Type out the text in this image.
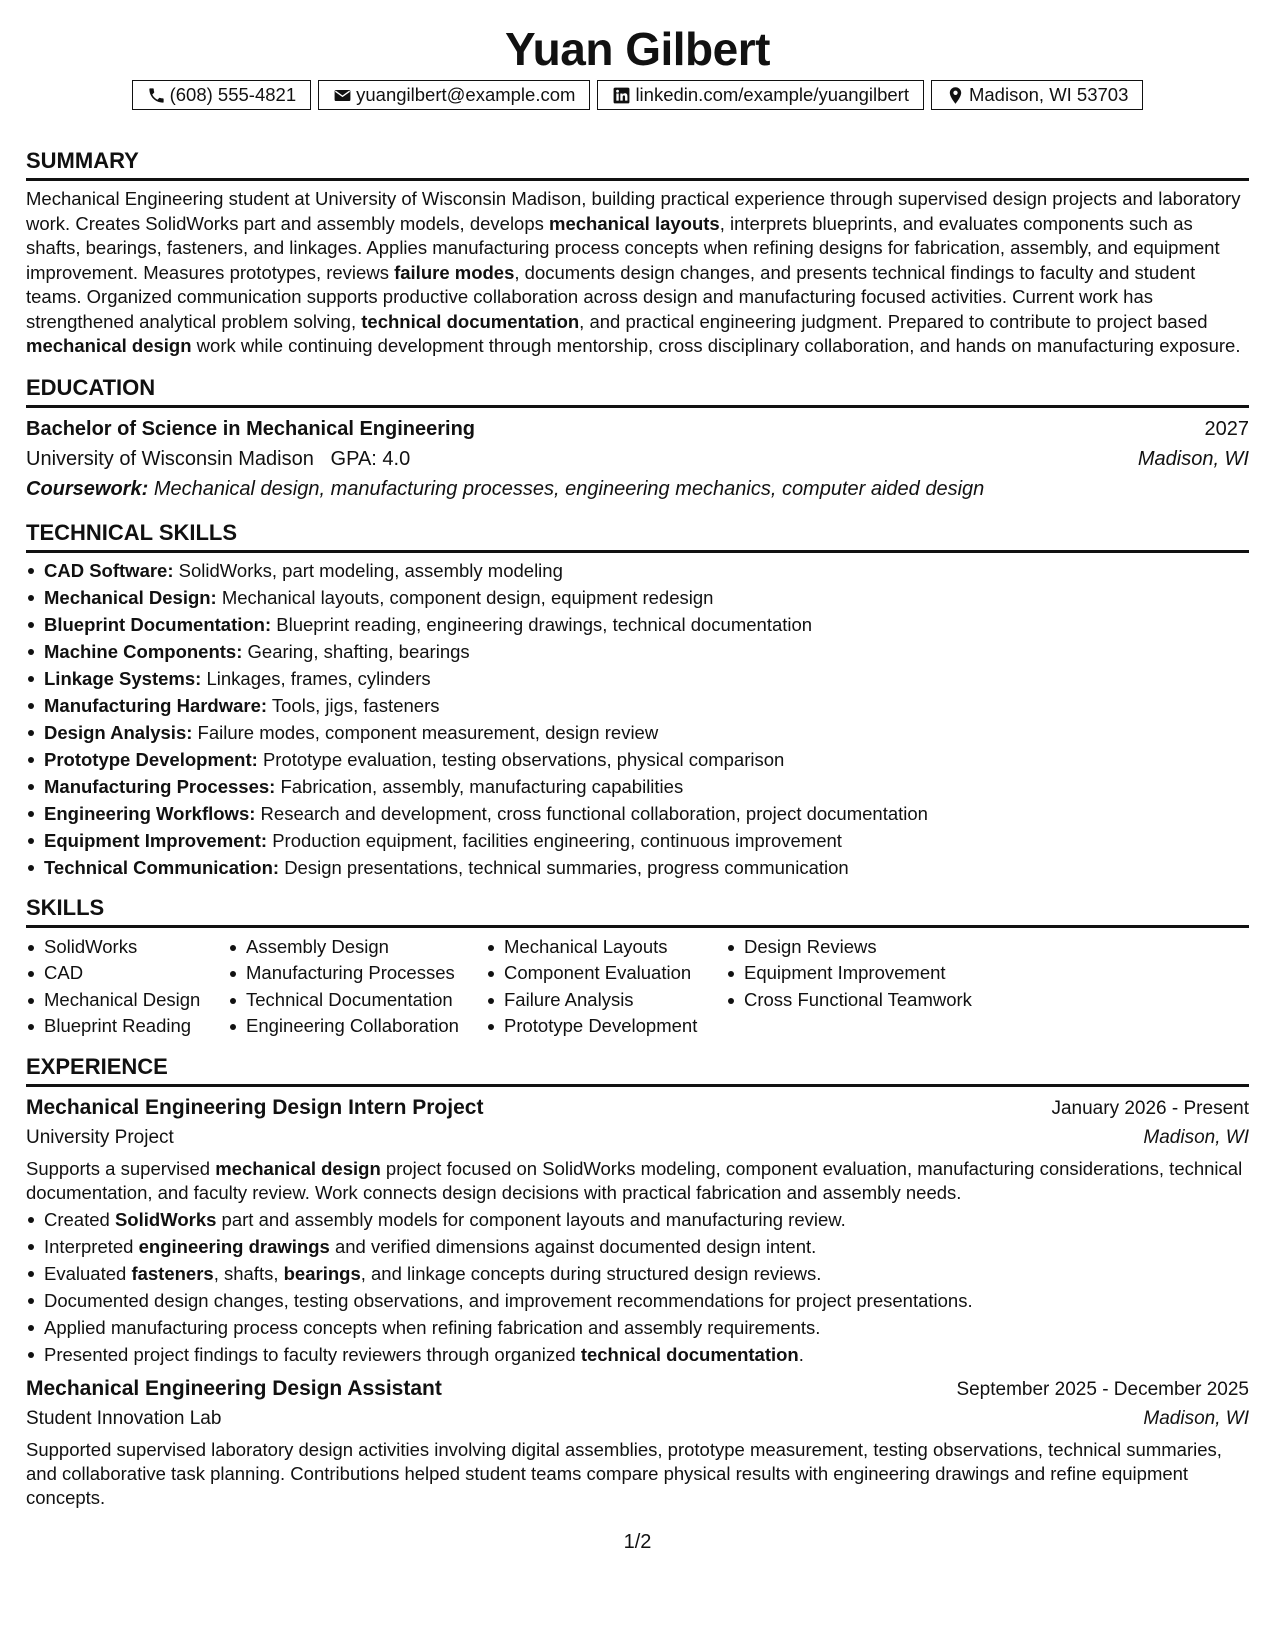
Yuan Gilbert
(608) 555-4821	yuangilbert@example.com	linkedin.com/example/yuangilbert	Madison, WI 53703
SUMMARY

Mechanical Engineering student at University of Wisconsin Madison, building practical experience through supervised design projects and laboratory work. Creates SolidWorks part and assembly models, develops mechanical layouts, interprets blueprints, and evaluates components such as shafts, bearings, fasteners, and linkages. Applies manufacturing process concepts when refining designs for fabrication, assembly, and equipment improvement. Measures prototypes, reviews failure modes, documents design changes, and presents technical findings to faculty and student teams. Organized communication supports productive collaboration across design and manufacturing focused activities. Current work has strengthened analytical problem solving, technical documentation, and practical engineering judgment. Prepared to contribute to project based mechanical design work while continuing development through mentorship, cross disciplinary collaboration, and hands on manufacturing exposure.

EDUCATION
Bachelor of Science in Mechanical Engineering	2027
University of Wisconsin Madison GPA: 4.0	Madison, WI
Coursework: Mechanical design, manufacturing processes, engineering mechanics, computer aided design
TECHNICAL SKILLS
CAD Software: SolidWorks, part modeling, assembly modeling
Mechanical Design: Mechanical layouts, component design, equipment redesign
Blueprint Documentation: Blueprint reading, engineering drawings, technical documentation
Machine Components: Gearing, shafting, bearings
Linkage Systems: Linkages, frames, cylinders
Manufacturing Hardware: Tools, jigs, fasteners
Design Analysis: Failure modes, component measurement, design review
Prototype Development: Prototype evaluation, testing observations, physical comparison
Manufacturing Processes: Fabrication, assembly, manufacturing capabilities
Engineering Workflows: Research and development, cross functional collaboration, project documentation
Equipment Improvement: Production equipment, facilities engineering, continuous improvement
Technical Communication: Design presentations, technical summaries, progress communication
SKILLS
SolidWorks
CAD
Mechanical Design
Blueprint Reading
Assembly Design
Manufacturing Processes
Technical Documentation
Engineering Collaboration
Mechanical Layouts
Component Evaluation
Failure Analysis
Prototype Development
Design Reviews
Equipment Improvement
Cross Functional Teamwork
EXPERIENCE
Mechanical Engineering Design Intern Project	January 2026 - Present
University Project	Madison, WI

Supports a supervised mechanical design project focused on SolidWorks modeling, component evaluation, manufacturing considerations, technical documentation, and faculty review. Work connects design decisions with practical fabrication and assembly needs.

Created SolidWorks part and assembly models for component layouts and manufacturing review.
Interpreted engineering drawings and verified dimensions against documented design intent.
Evaluated fasteners, shafts, bearings, and linkage concepts during structured design reviews.
Documented design changes, testing observations, and improvement recommendations for project presentations.
Applied manufacturing process concepts when refining fabrication and assembly requirements.
Presented project findings to faculty reviewers through organized technical documentation.
Mechanical Engineering Design Assistant	September 2025 - December 2025
Student Innovation Lab	Madison, WI

Supported supervised laboratory design activities involving digital assemblies, prototype measurement, testing observations, technical summaries, and collaborative task planning. Contributions helped student teams compare physical results with engineering drawings and refine equipment concepts.

1/2
